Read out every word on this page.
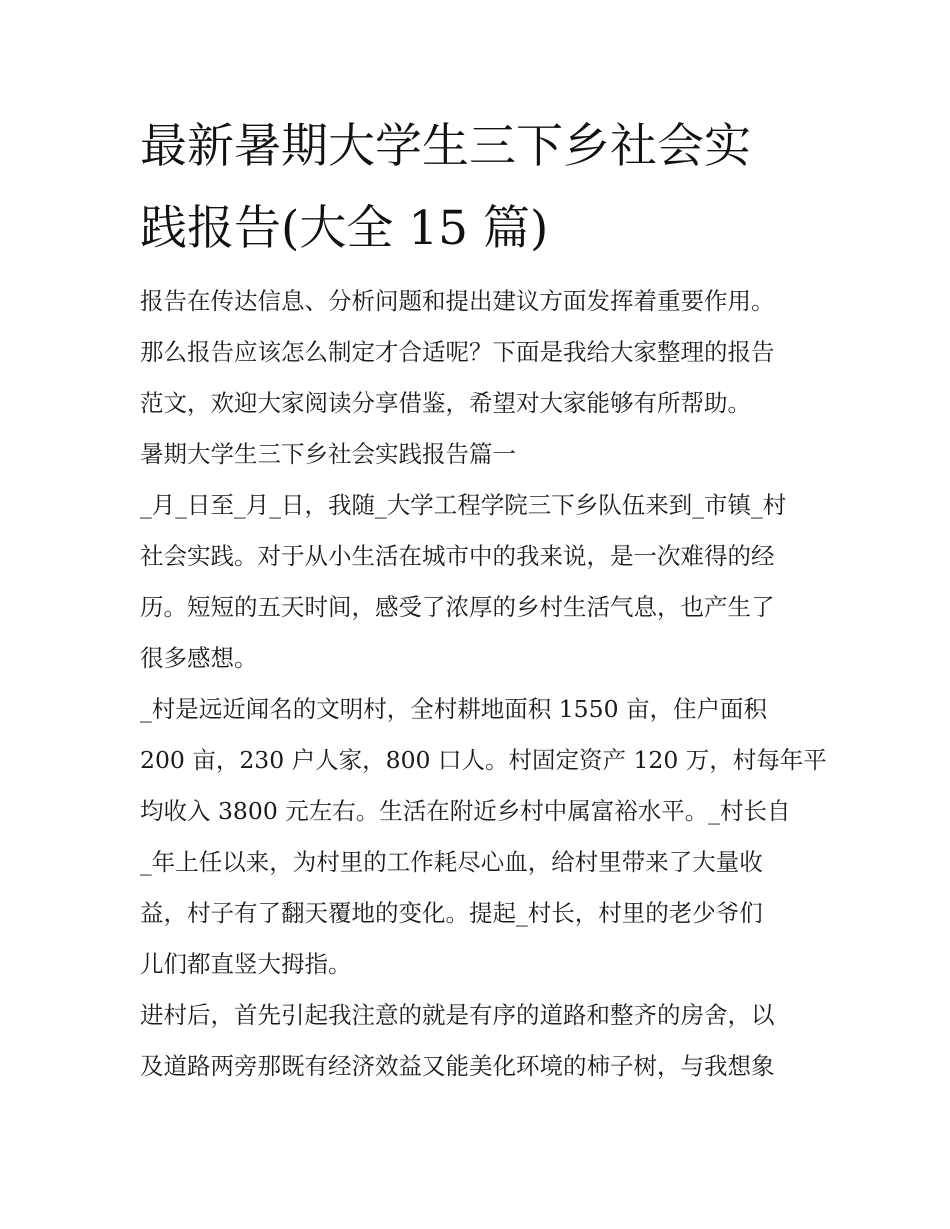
最新暑期大学生三下乡社会实
践报告(大全 15 篇)
报告在传达信息、分析问题和提出建议方面发挥着重要作用。
那么报告应该怎么制定才合适呢？下面是我给大家整理的报告
范文，欢迎大家阅读分享借鉴，希望对大家能够有所帮助。
暑期大学生三下乡社会实践报告篇一
_月_日至_月_日，我随_大学工程学院三下乡队伍来到_市镇_村
社会实践。对于从小生活在城市中的我来说，是一次难得的经
历。短短的五天时间，感受了浓厚的乡村生活气息，也产生了
很多感想。
_村是远近闻名的文明村，全村耕地面积 1550 亩，住户面积
200 亩，230 户人家，800 口人。村固定资产 120 万，村每年平
均收入 3800 元左右。生活在附近乡村中属富裕水平。_村长自
_年上任以来，为村里的工作耗尽心血，给村里带来了大量收
益，村子有了翻天覆地的变化。提起_村长，村里的老少爷们
儿们都直竖大拇指。
进村后，首先引起我注意的就是有序的道路和整齐的房舍，以
及道路两旁那既有经济效益又能美化环境的柿子树，与我想象
